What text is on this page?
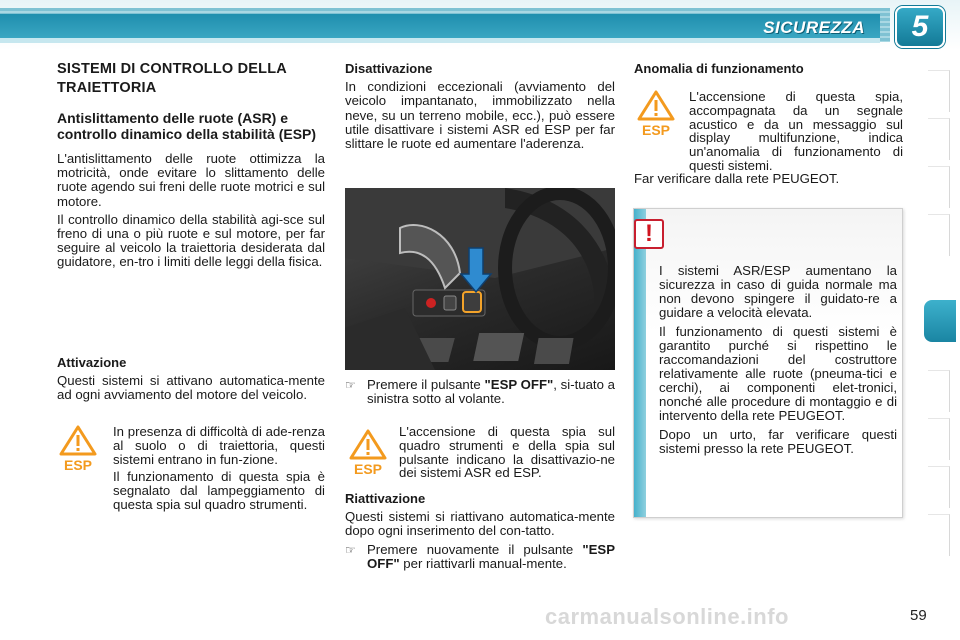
SICUREZZA	5
SISTEMI DI CONTROLLO DELLA
TRAIETTORIA
Antislittamento delle ruote (ASR) e controllo dinamico della stabilità (ESP)

L'antislittamento delle ruote ottimizza la motricità, onde evitare lo slittamento delle ruote agendo sui freni delle ruote motrici e sul motore.

Il controllo dinamico della stabilità agi-sce sul freno di una o più ruote e sul motore, per far seguire al veicolo la traiettoria desiderata dal guidatore, en-tro i limiti delle leggi della fisica.

Attivazione

Questi sistemi si attivano automatica-mente ad ogni avviamento del motore del veicolo.

ESP

In presenza di difficoltà di ade-renza al suolo o di traiettoria, questi sistemi entrano in fun-zione.

Il funzionamento di questa spia è segnalato dal lampeggiamento di questa spia sul quadro strumenti.

Disattivazione

In condizioni eccezionali (avviamento del veicolo impantanato, immobilizzato nella neve, su un terreno mobile, ecc.), può essere utile disattivare i sistemi ASR ed ESP per far slittare le ruote ed aumentare l'aderenza.

☞ Premere il pulsante "ESP OFF", si-tuato a sinistra sotto al volante.
ESP
L'accensione di questa spia sul quadro strumenti e della spia sul pulsante indicano la disattivazio-ne dei sistemi ASR ed ESP.
Riattivazione

Questi sistemi si riattivano automatica-mente dopo ogni inserimento del con-tatto.

☞ Premere nuovamente il pulsante "ESP OFF" per riattivarli manual-mente.
Anomalia di funzionamento
ESP
L'accensione di questa spia, accompagnata da un segnale acustico e da un messaggio sul display multifunzione, indica un'anomalia di funzionamento di questi sistemi.

Far verificare dalla rete PEUGEOT.

!

I sistemi ASR/ESP aumentano la sicurezza in caso di guida normale ma non devono spingere il guidato-re a guidare a velocità elevata.

Il funzionamento di questi sistemi è garantito purché si rispettino le raccomandazioni del costruttore relativamente alle ruote (pneuma-tici e cerchi), ai componenti elet-tronici, nonché alle procedure di montaggio e di intervento della rete PEUGEOT.

Dopo un urto, far verificare questi sistemi presso la rete PEUGEOT.

carmanualsonline.info	59
